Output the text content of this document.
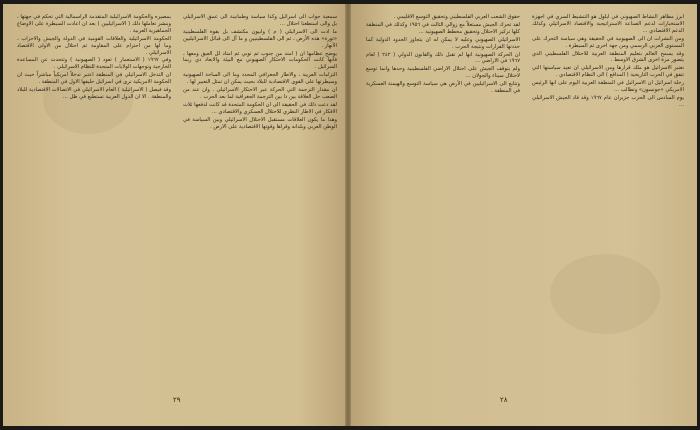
سمعية جواب الى اسرائيل وكذا سياسة وطمانينة الى عمق الاسرائيلي بل والى استطعنا احتلال ...

ما ادت الى الاسرائيلي ( م ) وابيون مكتشف بل بقوة الفلسطينية «ثورة» هذه الأرض ، ثم الى الفلسطينيين و ما آل الى قبائل الاسرائيليين الأنهار .

يوضح عظامها ان ( امتد من جنوب ثم توبي ثم امتاد لل العيق ومعها ، فانها كانت الحكومات الاحتكار الصهيوني مع البيئة والابعاد دي ربما السرائيل .

التزامات العربية ، والاطار الجغرافي المحدد وما الى الساحة الصهيونية وسيطرتها على القوى الاقتصادية للبلاد بحيث يمكن ان تمثل التعبير لها .

ان مقدار الترجمة التي الحركة عبر الاحتكار الاسرائيلي . وان عند من الصعب حل العلاقة بين ذا بين الترجمة الجغرافية لما بعد الحرب .

لقد دعت ذلك في الحقيقة الى ان الحكومة المتحدة قد كانت لدفعها ثلاث الافكار في الاطار النظري للاحتلال العسكري والاقتصادي ...

وهذا ما يكون العلاقات مستقبل الاحتلال الاسرائيلي وبين السياسة في الوطن العربي وبلدانه وقراها وقوتها الاقتصادية على الارض .

بمصيره والحكومة الاسرائيلية المتقدمة الرأسمالية التي تحكم في جهتها ، وبنشر تعاملها ذلك ( الاسرائيليين ) بعد ان اعادت السيطرة على الاوضاع الجماهيرية العربية .

الحكومة الاسرائيلية والعلاقات القومية في الدولة والجيش والاحزاب ، وما لها من احترام على المقاومة ثم احتلال من الاولى الاقتصاد الاسرائيلي .

وفي ١٩٦٧ ( الاستعمار ) تعود ( الصهيونية ) وتتحدث عن المساعدة الخارجية وتوجهات الولايات المتحدة للنظام الاسرائيلي .

ان التدخل الاسرائيلي في المنطقة اعتبر تدخلاً امريكياً مباشراً حيث ان الحكومة الامريكية ترى في اسرائيل حليفها الاول في المنطقة .

وقد فيصل ( الاسرائيلية ) العام الاسرائيلي في الاتصالات الاقتصادية للبلاد والمنطقة . الا ان الدول العربية تستطيع في ظل ...

٢٩

ابرز مظاهر النشاط الصهيوني في ايلول هو التنشيط السري في اجهزة الاستخبارات لدعم الصناعة الاستراتيجية والاقتصاد الاسرائيلي وكذلك الدعم الاقتصادي ...

ومن النشرات ان الى الصهيونية في الحقيقة وهي سياسة التحرك على المستوى العربي الرسمي ومن جهة اخرى ثم السيطرة .

وقد يسمح العالم بتعليم المنطقة العربية للاحتلال الفلسطيني الذي يتصور مرة اخرى الشرق الاوسط .

تعتبر الاسرائيل هو ملك قرارها ومن الاسرائيلي ان تعيد سياستها التي تتفق في الحرب التاريخية ( المدافع ) الى النظام الاقتصادي .

رحلة اسرائيل ان الاسرائيل في المنطقة العربية اليوم على انها الرئيس الامريكي «جونسون» وتطالب ...

يوم السادس الى الحزب جزيران عام ١٩٦٧ وقد قاد الجيش الاسرائيلي ...

حقوق الشعب العربي الفلسطيني وتحقيق التوسع الاقليمي .

لقد تحرك الجيش مستغلاً مع زوالي الثالث في ١٩٥٦ وكذلك في المنطقة كلها تركيز الاحتلال وتحقيق مخطط الصهيونية ...

الاسرائيلي الصهيوني وعليه لا يمكن له ان يتجاوز الحدود الدولية كما حددتها القرارات ونتيجة الحرب .

ان الحركة الصهيونية انها لم تقبل ذلك والقانون الدولي ( ٢٤٢ ) لعام ١٩٦٧ في الاراضي ...

ولم يتوقف الجيش على احتلال الاراضي الفلسطينية وحدها وانما توسع لاحتلال سيناء والجولان ...

وتتابع الى الاسرائيليين في الأرض هي سياسة التوسع والهيمنة العسكرية في المنطقة .

٢٨
